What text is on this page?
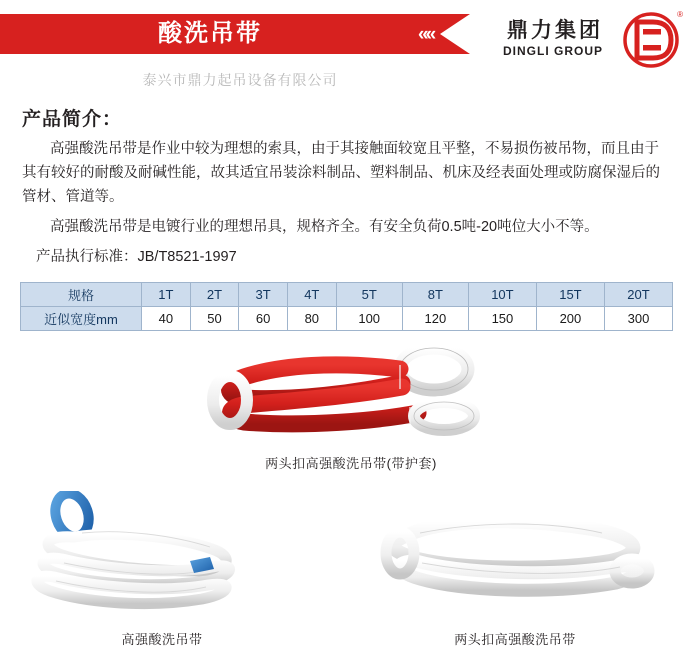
酸洗吊带	««	鼎力集团
DINGLI GROUP
®
泰兴市鼎力起吊设备有限公司
产品简介：

高强酸洗吊带是作业中较为理想的索具，由于其接触面较宽且平整，不易损伤被吊物，而且由于其有较好的耐酸及耐碱性能，故其适宜吊装涂料制品、塑料制品、机床及经表面处理或防腐保湿后的管材、管道等。

高强酸洗吊带是电镀行业的理想吊具，规格齐全。有安全负荷0.5吨-20吨位大小不等。

产品执行标准：JB/T8521-1997
规格	1T	2T	3T	4T	5T	8T	10T	15T	20T
近似宽度mm	40	50	60	80	100	120	150	200	300
两头扣高强酸洗吊带(带护套)
高强酸洗吊带	两头扣高强酸洗吊带
